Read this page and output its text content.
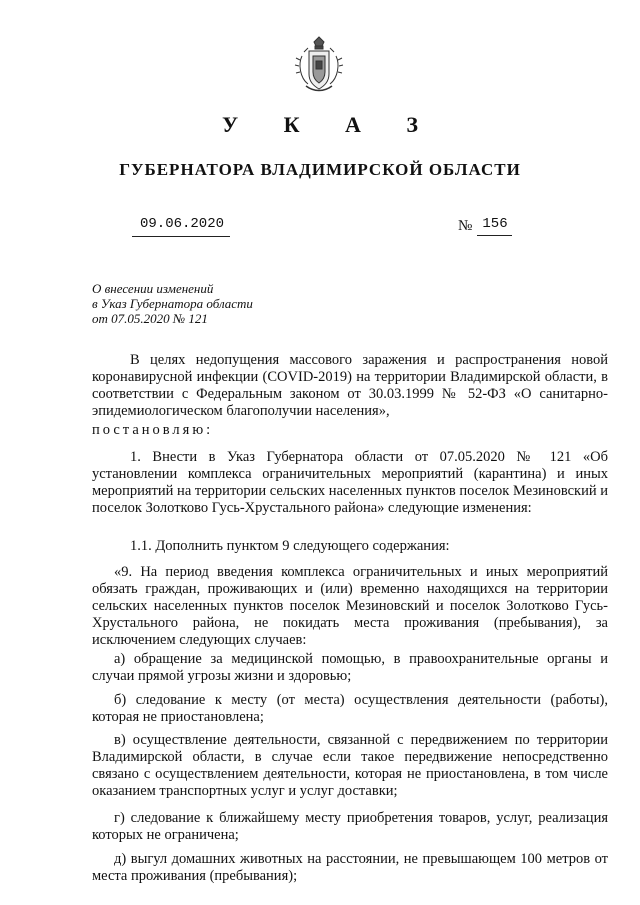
У К А З
ГУБЕРНАТОРА ВЛАДИМИРСКОЙ ОБЛАСТИ
09.06.2020	№ 156
О внесении изменений
в Указ Губернатора области
от 07.05.2020 № 121
В целях недопущения массового заражения и распространения новой коронавирусной инфекции (COVID-2019) на территории Владимирской области, в соответствии с Федеральным законом от 30.03.1999 № 52-ФЗ «О санитарно-эпидемиологическом благополучии населения»,
постановляю:
1. Внести в Указ Губернатора области от 07.05.2020 № 121 «Об установлении комплекса ограничительных мероприятий (карантина) и иных мероприятий на территории сельских населенных пунктов поселок Мезиновский и поселок Золотково Гусь-Хрустального района» следующие изменения:
1.1. Дополнить пунктом 9 следующего содержания:
«9. На период введения комплекса ограничительных и иных мероприятий обязать граждан, проживающих и (или) временно находящихся на территории сельских населенных пунктов поселок Мезиновский и поселок Золотково Гусь-Хрустального района, не покидать места проживания (пребывания), за исключением следующих случаев:
а) обращение за медицинской помощью, в правоохранительные органы и случаи прямой угрозы жизни и здоровью;
б) следование к месту (от места) осуществления деятельности (работы), которая не приостановлена;
в) осуществление деятельности, связанной с передвижением по территории Владимирской области, в случае если такое передвижение непосредственно связано с осуществлением деятельности, которая не приостановлена, в том числе оказанием транспортных услуг и услуг доставки;
г) следование к ближайшему месту приобретения товаров, услуг, реализация которых не ограничена;
д) выгул домашних животных на расстоянии, не превышающем 100 метров от места проживания (пребывания);
